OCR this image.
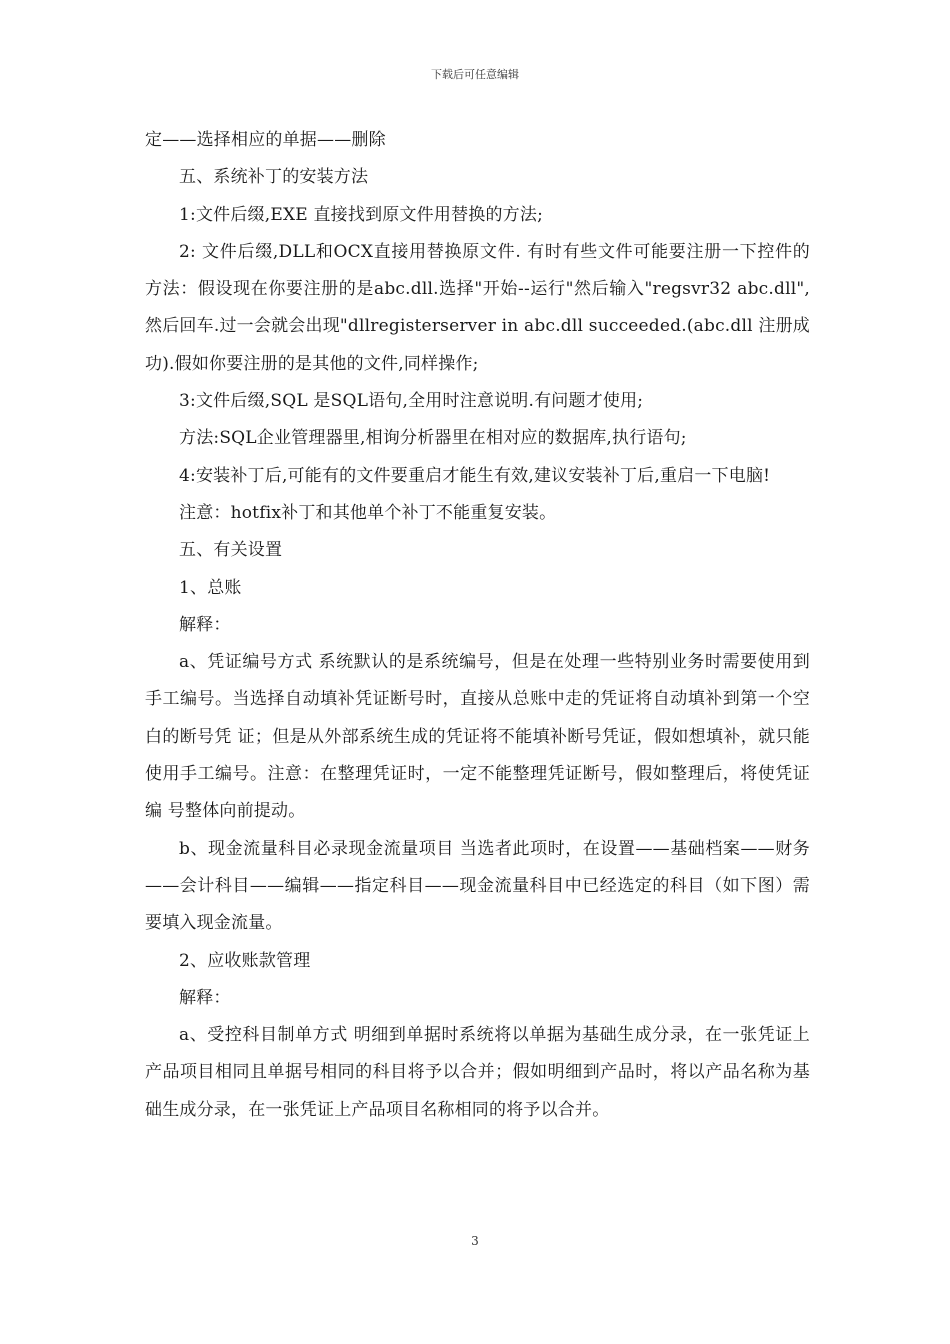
下载后可任意编辑

定——选择相应的单据——删除

五、系统补丁的安装方法

1:文件后缀,EXE 直接找到原文件用替换的方法;

2: 文件后缀,DLL和OCX直接用替换原文件. 有时有些文件可能要注册一下控件的方法：假设现在你要注册的是abc.dll.选择"开始--运行"然后输入"regsvr32 abc.dll",然后回车.过一会就会出现"dllregisterserver in abc.dll succeeded.(abc.dll 注册成功).假如你要注册的是其他的文件,同样操作;

3:文件后缀,SQL 是SQL语句,全用时注意说明.有问题才使用;

方法:SQL企业管理器里,相询分析器里在相对应的数据库,执行语句;

4:安装补丁后,可能有的文件要重启才能生有效,建议安装补丁后,重启一下电脑!

注意：hotfix补丁和其他单个补丁不能重复安装。

五、有关设置

1、总账

解释：

a、凭证编号方式 系统默认的是系统编号，但是在处理一些特别业务时需要使用到手工编号。当选择自动填补凭证断号时，直接从总账中走的凭证将自动填补到第一个空白的断号凭 证；但是从外部系统生成的凭证将不能填补断号凭证，假如想填补，就只能使用手工编号。注意：在整理凭证时，一定不能整理凭证断号，假如整理后，将使凭证编 号整体向前提动。

b、现金流量科目必录现金流量项目 当选者此项时，在设置——基础档案——财务——会计科目——编辑——指定科目——现金流量科目中已经选定的科目（如下图）需要填入现金流量。

2、应收账款管理

解释：

a、受控科目制单方式 明细到单据时系统将以单据为基础生成分录，在一张凭证上产品项目相同且单据号相同的科目将予以合并；假如明细到产品时，将以产品名称为基础生成分录，在一张凭证上产品项目名称相同的将予以合并。

3
